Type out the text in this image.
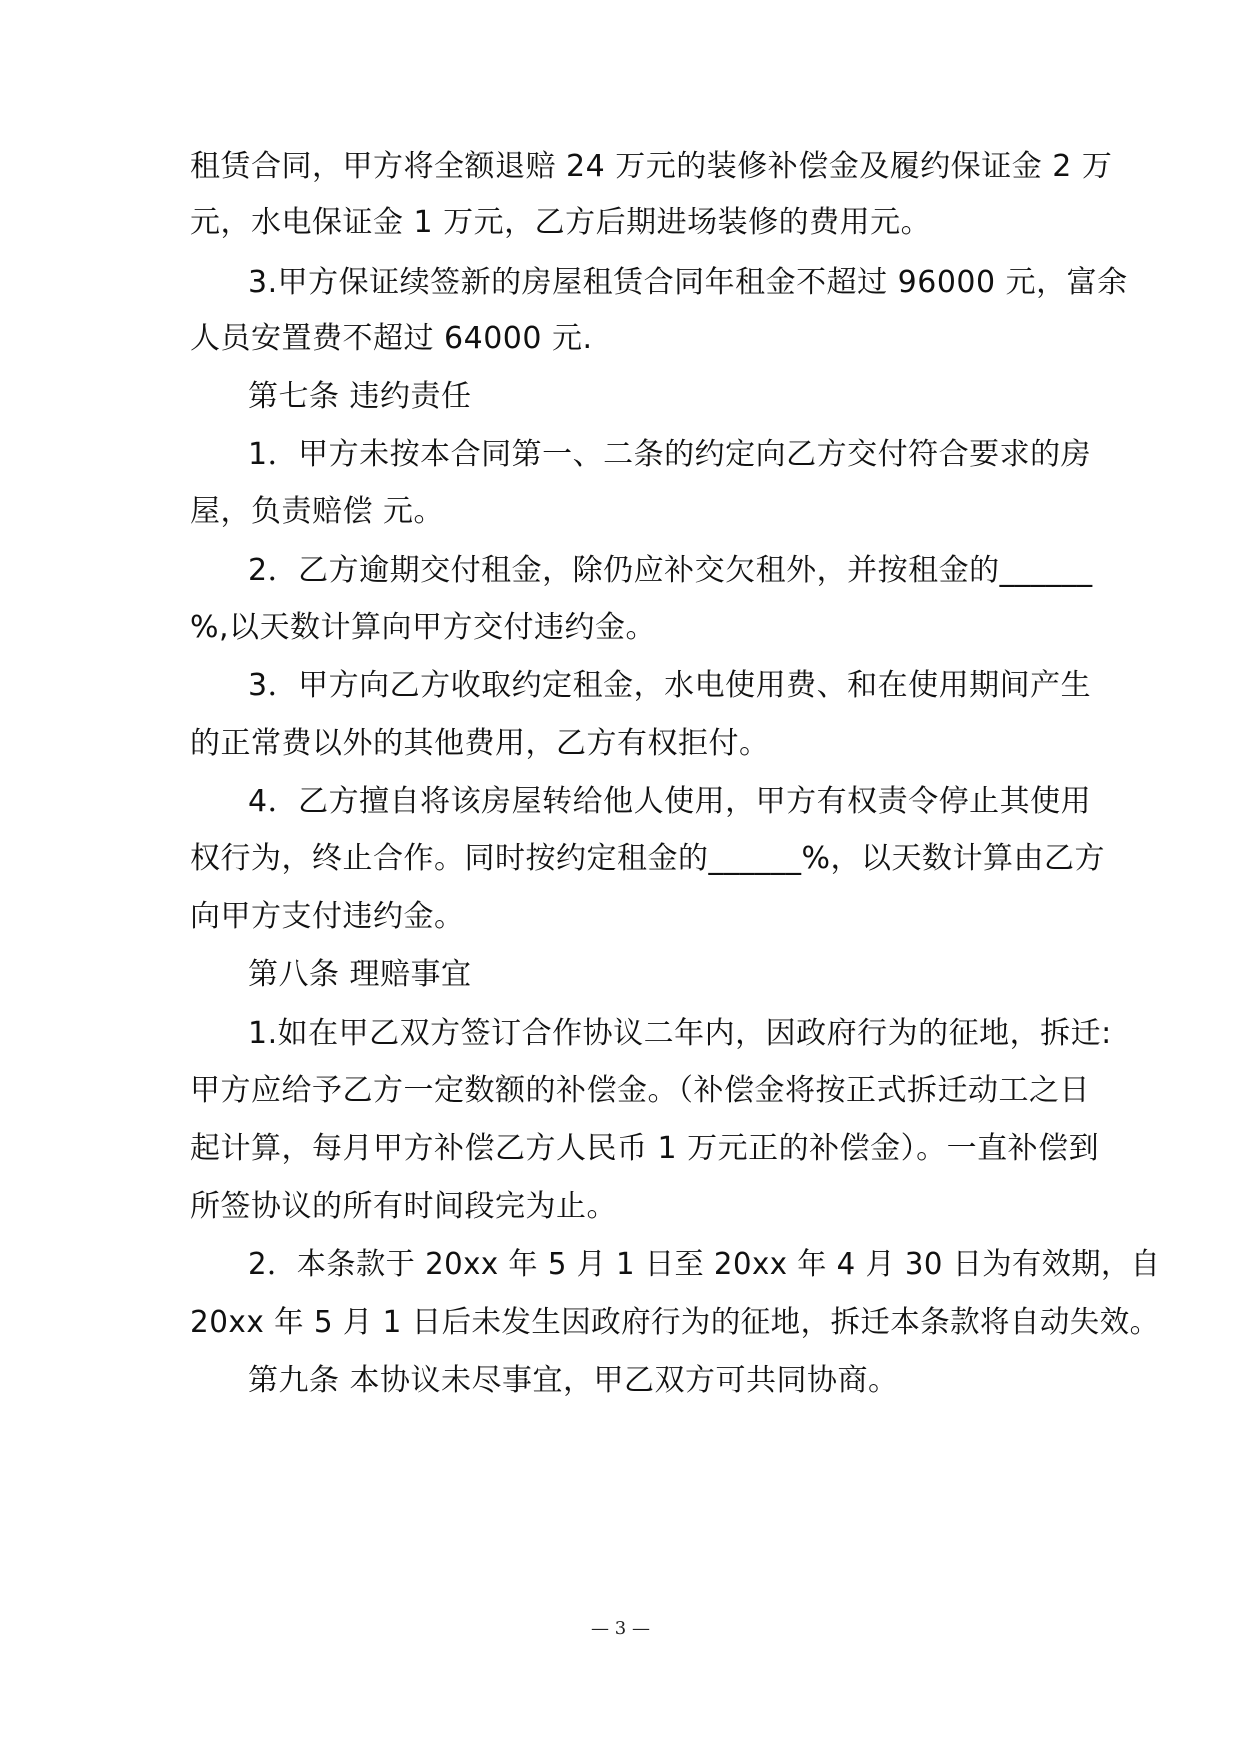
租赁合同，甲方将全额退赔 24 万元的装修补偿金及履约保证金 2 万

元，水电保证金 1 万元，乙方后期进场装修的费用元。

3.甲方保证续签新的房屋租赁合同年租金不超过 96000 元，富余

人员安置费不超过 64000 元.

第七条 违约责任

1．甲方未按本合同第一、二条的约定向乙方交付符合要求的房

屋，负责赔偿 元。

2．乙方逾期交付租金，除仍应补交欠租外，并按租金的______

%,以天数计算向甲方交付违约金。

3．甲方向乙方收取约定租金，水电使用费、和在使用期间产生

的正常费以外的其他费用，乙方有权拒付。

4．乙方擅自将该房屋转给他人使用，甲方有权责令停止其使用

权行为，终止合作。同时按约定租金的______%，以天数计算由乙方

向甲方支付违约金。

第八条 理赔事宜

1.如在甲乙双方签订合作协议二年内，因政府行为的征地，拆迁:

甲方应给予乙方一定数额的补偿金。（补偿金将按正式拆迁动工之日

起计算，每月甲方补偿乙方人民币 1 万元正的补偿金）。一直补偿到

所签协议的所有时间段完为止。

2．本条款于 20xx 年 5 月 1 日至 20xx 年 4 月 30 日为有效期，自

20xx 年 5 月 1 日后未发生因政府行为的征地，拆迁本条款将自动失效。

第九条 本协议未尽事宜，甲乙双方可共同协商。

— 3 —
